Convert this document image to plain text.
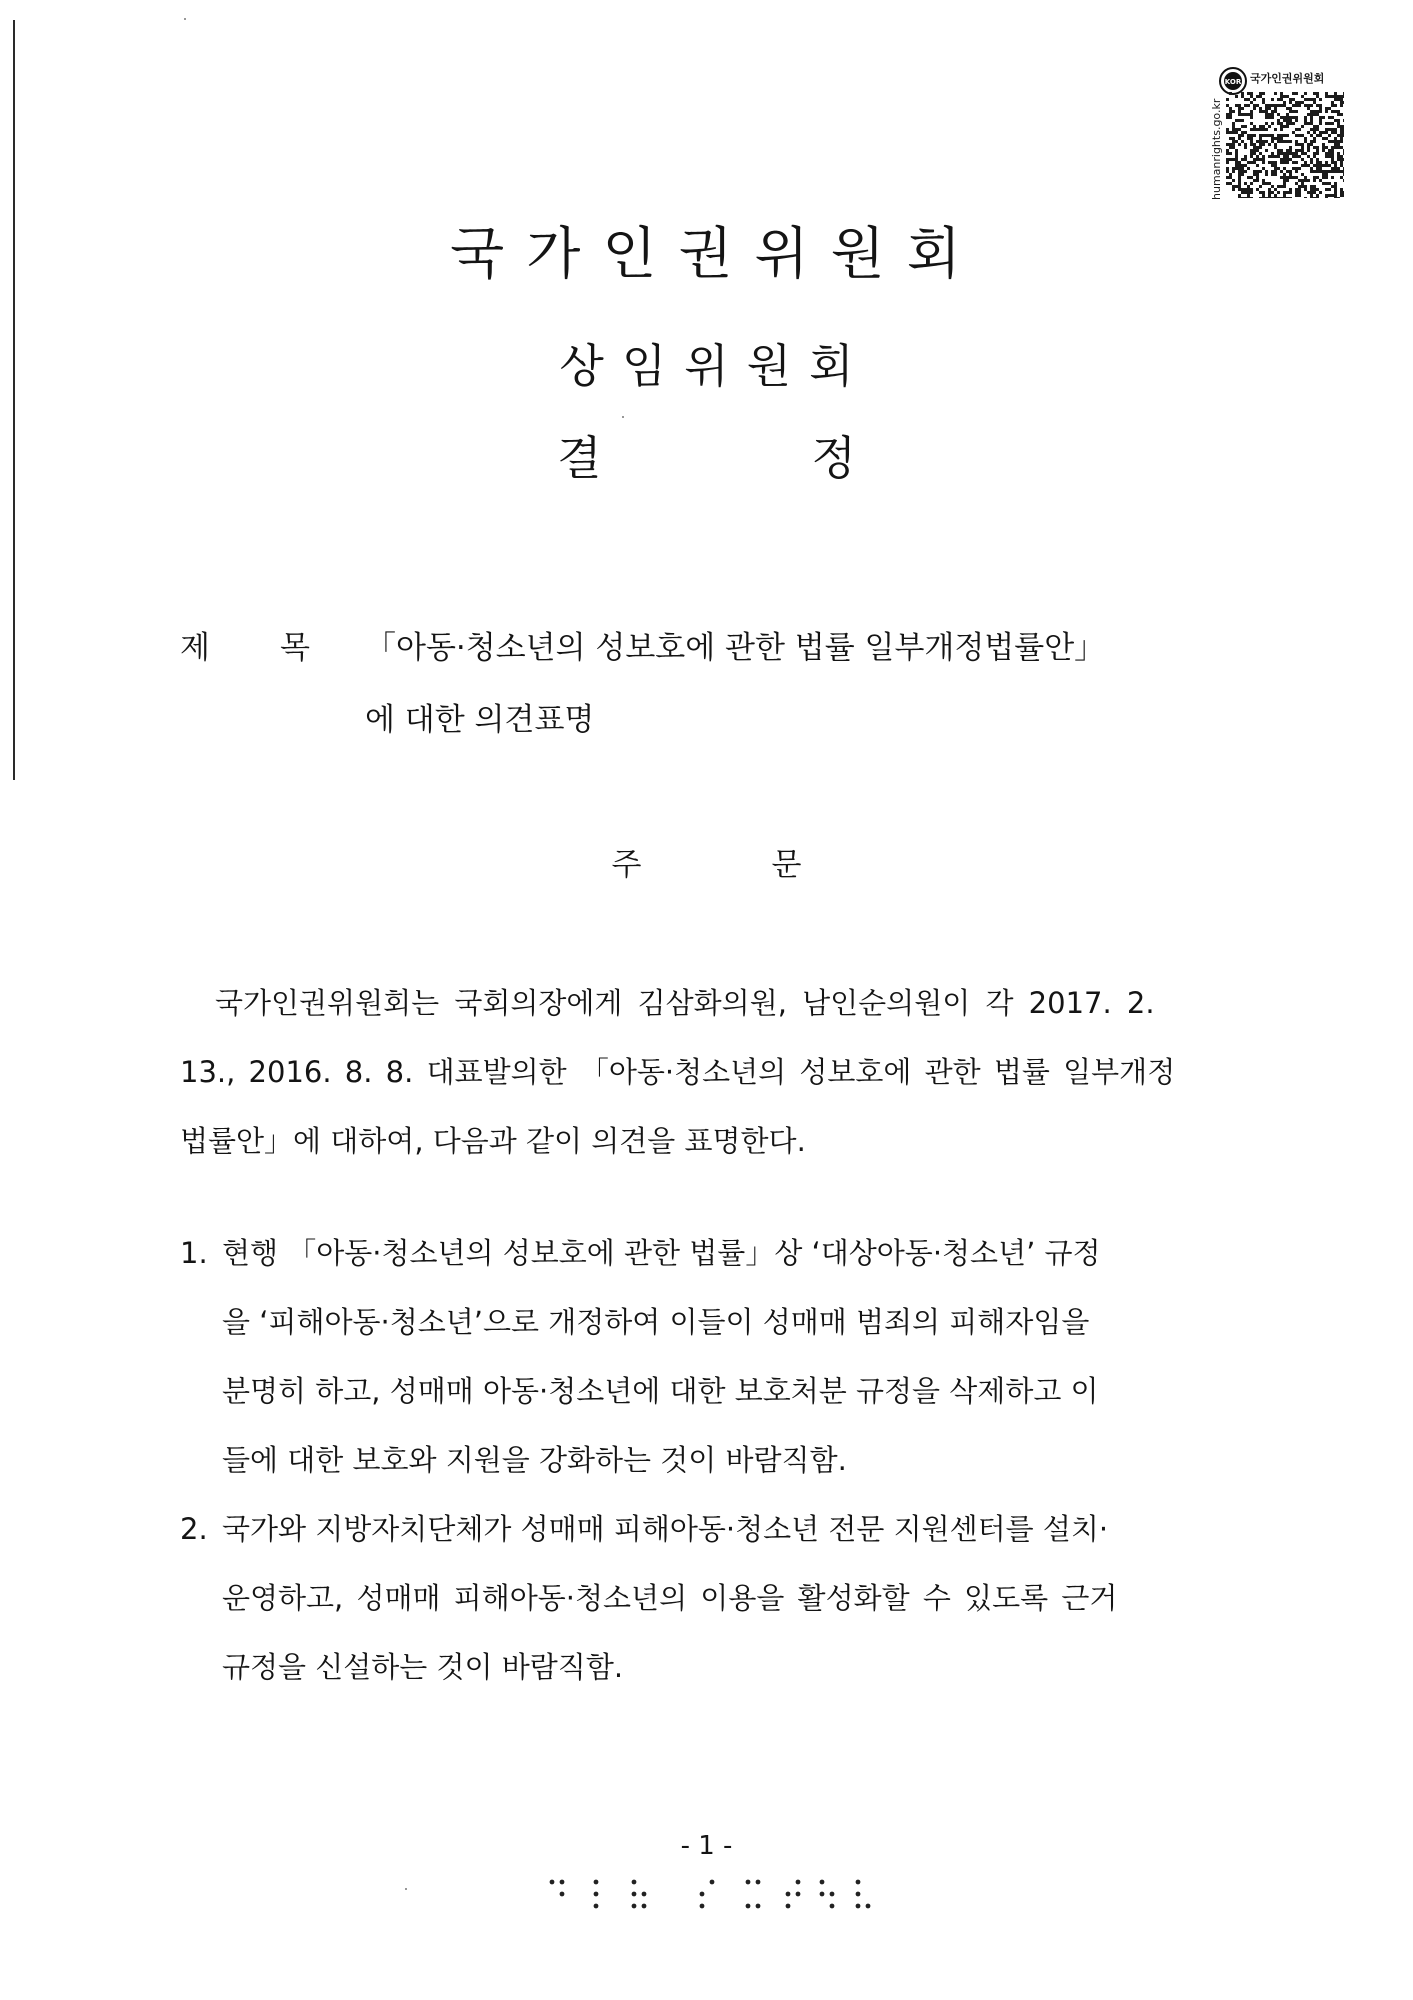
humanrights.go.kr
KOR 국가인권위원회
국가인권위원회
상임위원회
결	정
제 목 「아동·청소년의 성보호에 관한 법률 일부개정법률안」
에 대한 의견표명
주	문
국가인권위원회는 국회의장에게 김삼화의원, 남인순의원이 각 2017. 2.
13., 2016. 8. 8. 대표발의한 「아동·청소년의 성보호에 관한 법률 일부개정
법률안」에 대하여, 다음과 같이 의견을 표명한다.
1. 현행 「아동·청소년의 성보호에 관한 법률」상 ‘대상아동·청소년’ 규정
을 ‘피해아동·청소년’으로 개정하여 이들이 성매매 범죄의 피해자임을
분명히 하고, 성매매 아동·청소년에 대한 보호처분 규정을 삭제하고 이
들에 대한 보호와 지원을 강화하는 것이 바람직함.
2. 국가와 지방자치단체가 성매매 피해아동·청소년 전문 지원센터를 설치·
운영하고, 성매매 피해아동·청소년의 이용을 활성화할 수 있도록 근거
규정을 신설하는 것이 바람직함.
- 1 -
